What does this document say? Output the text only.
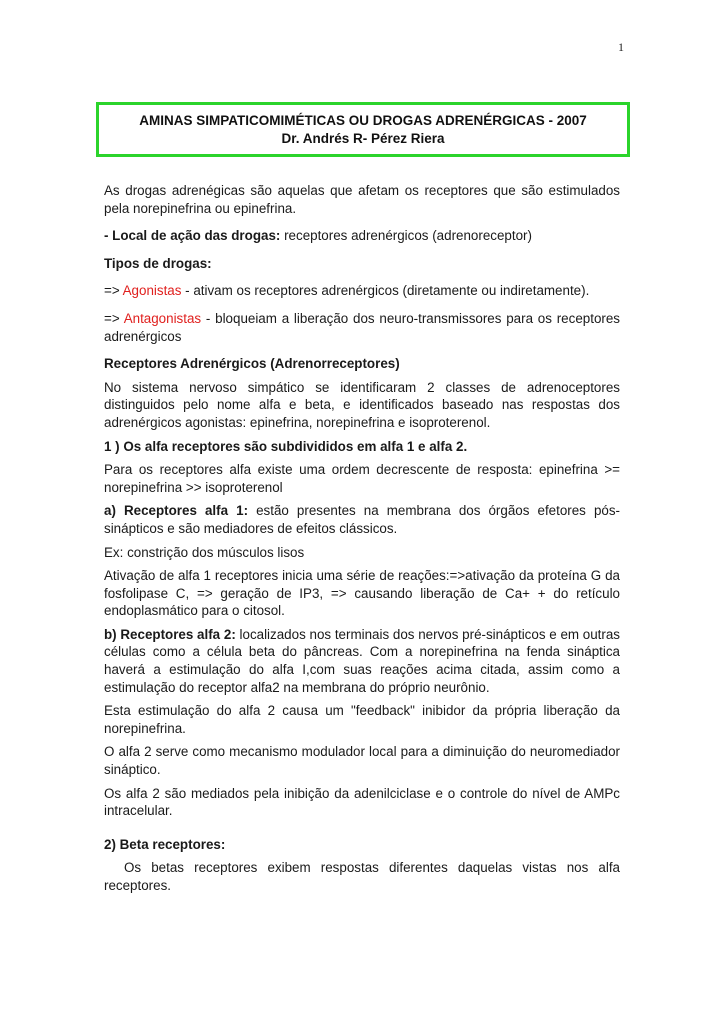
1
AMINAS SIMPATICOMIMÉTICAS OU DROGAS ADRENÉRGICAS - 2007
Dr. Andrés R- Pérez Riera

As drogas adrenégicas são aquelas que afetam os receptores que são estimulados pela norepinefrina ou epinefrina.

- Local de ação das drogas: receptores adrenérgicos (adrenoreceptor)

Tipos de drogas:

=> Agonistas - ativam os receptores adrenérgicos (diretamente ou indiretamente).

=> Antagonistas - bloqueiam a liberação dos neuro-transmissores para os receptores adrenérgicos

Receptores Adrenérgicos (Adrenorreceptores)

No sistema nervoso simpático se identificaram 2 classes de adrenoceptores distinguidos pelo nome alfa e beta, e identificados baseado nas respostas dos adrenérgicos agonistas: epinefrina, norepinefrina e isoproterenol.

1 ) Os alfa receptores são subdivididos em alfa 1 e alfa 2.

Para os receptores alfa existe uma ordem decrescente de resposta: epinefrina >= norepinefrina >> isoproterenol

a) Receptores alfa 1: estão presentes na membrana dos órgãos efetores pós-sinápticos e são mediadores de efeitos clássicos.

Ex: constrição dos músculos lisos

Ativação de alfa 1 receptores inicia uma série de reações:=>ativação da proteína G da fosfolipase C, => geração de IP3, => causando liberação de Ca+ + do retículo endoplasmático para o citosol.

b) Receptores alfa 2: localizados nos terminais dos nervos pré-sinápticos e em outras células como a célula beta do pâncreas. Com a norepinefrina na fenda sináptica haverá a estimulação do alfa I,com suas reações acima citada, assim como a estimulação do receptor alfa2 na membrana do próprio neurônio.

Esta estimulação do alfa 2 causa um "feedback" inibidor da própria liberação da norepinefrina.

O alfa 2 serve como mecanismo modulador local para a diminuição do neuromediador sináptico.

Os alfa 2 são mediados pela inibição da adenilciclase e o controle do nível de AMPc intracelular.

2) Beta receptores:

Os betas receptores exibem respostas diferentes daquelas vistas nos alfa receptores.
